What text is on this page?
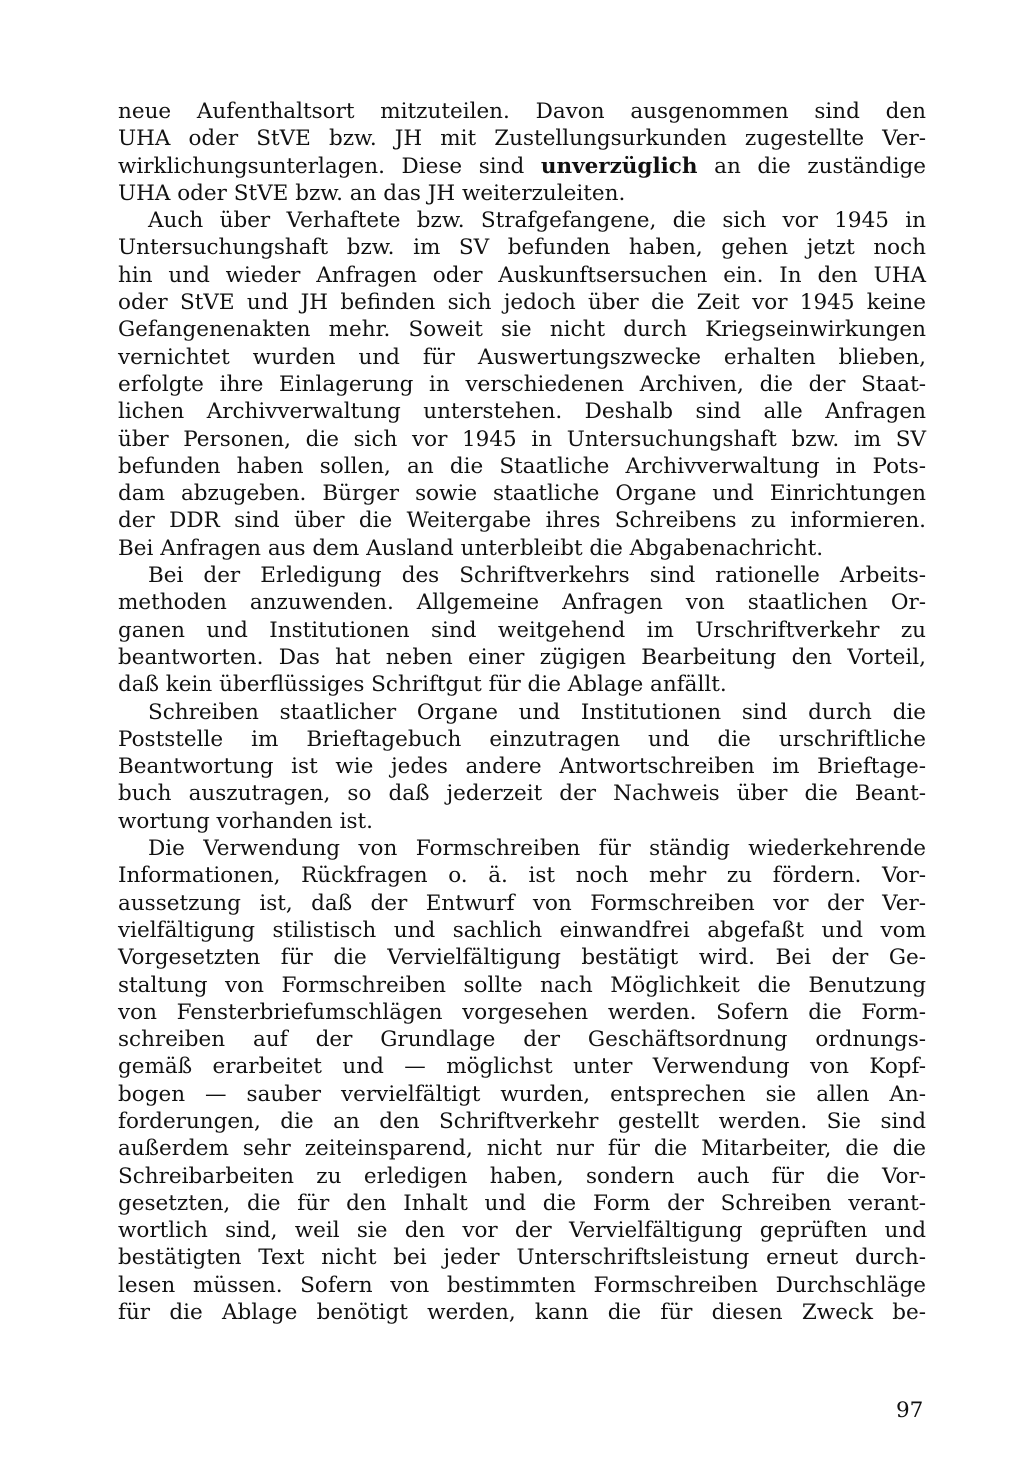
neue Aufenthaltsort mitzuteilen. Davon ausgenommen sind den
UHA oder StVE bzw. JH mit Zustellungsurkunden zugestellte Ver-
wirklichungsunterlagen. Diese sind unverzüglich an die zuständige
UHA oder StVE bzw. an das JH weiterzuleiten.
Auch über Verhaftete bzw. Strafgefangene, die sich vor 1945 in
Untersuchungshaft bzw. im SV befunden haben, gehen jetzt noch
hin und wieder Anfragen oder Auskunftsersuchen ein. In den UHA
oder StVE und JH befinden sich jedoch über die Zeit vor 1945 keine
Gefangenenakten mehr. Soweit sie nicht durch Kriegseinwirkungen
vernichtet wurden und für Auswertungszwecke erhalten blieben,
erfolgte ihre Einlagerung in verschiedenen Archiven, die der Staat-
lichen Archivverwaltung unterstehen. Deshalb sind alle Anfragen
über Personen, die sich vor 1945 in Untersuchungshaft bzw. im SV
befunden haben sollen, an die Staatliche Archivverwaltung in Pots-
dam abzugeben. Bürger sowie staatliche Organe und Einrichtungen
der DDR sind über die Weitergabe ihres Schreibens zu informieren.
Bei Anfragen aus dem Ausland unterbleibt die Abgabenachricht.
Bei der Erledigung des Schriftverkehrs sind rationelle Arbeits-
methoden anzuwenden. Allgemeine Anfragen von staatlichen Or-
ganen und Institutionen sind weitgehend im Urschriftverkehr zu
beantworten. Das hat neben einer zügigen Bearbeitung den Vorteil,
daß kein überflüssiges Schriftgut für die Ablage anfällt.
Schreiben staatlicher Organe und Institutionen sind durch die
Poststelle im Brieftagebuch einzutragen und die urschriftliche
Beantwortung ist wie jedes andere Antwortschreiben im Brieftage-
buch auszutragen, so daß jederzeit der Nachweis über die Beant-
wortung vorhanden ist.
Die Verwendung von Formschreiben für ständig wiederkehrende
Informationen, Rückfragen o. ä. ist noch mehr zu fördern. Vor-
aussetzung ist, daß der Entwurf von Formschreiben vor der Ver-
vielfältigung stilistisch und sachlich einwandfrei abgefaßt und vom
Vorgesetzten für die Vervielfältigung bestätigt wird. Bei der Ge-
staltung von Formschreiben sollte nach Möglichkeit die Benutzung
von Fensterbriefumschlägen vorgesehen werden. Sofern die Form-
schreiben auf der Grundlage der Geschäftsordnung ordnungs-
gemäß erarbeitet und — möglichst unter Verwendung von Kopf-
bogen — sauber vervielfältigt wurden, entsprechen sie allen An-
forderungen, die an den Schriftverkehr gestellt werden. Sie sind
außerdem sehr zeiteinsparend, nicht nur für die Mitarbeiter, die die
Schreibarbeiten zu erledigen haben, sondern auch für die Vor-
gesetzten, die für den Inhalt und die Form der Schreiben verant-
wortlich sind, weil sie den vor der Vervielfältigung geprüften und
bestätigten Text nicht bei jeder Unterschriftsleistung erneut durch-
lesen müssen. Sofern von bestimmten Formschreiben Durchschläge
für die Ablage benötigt werden, kann die für diesen Zweck be-
97
